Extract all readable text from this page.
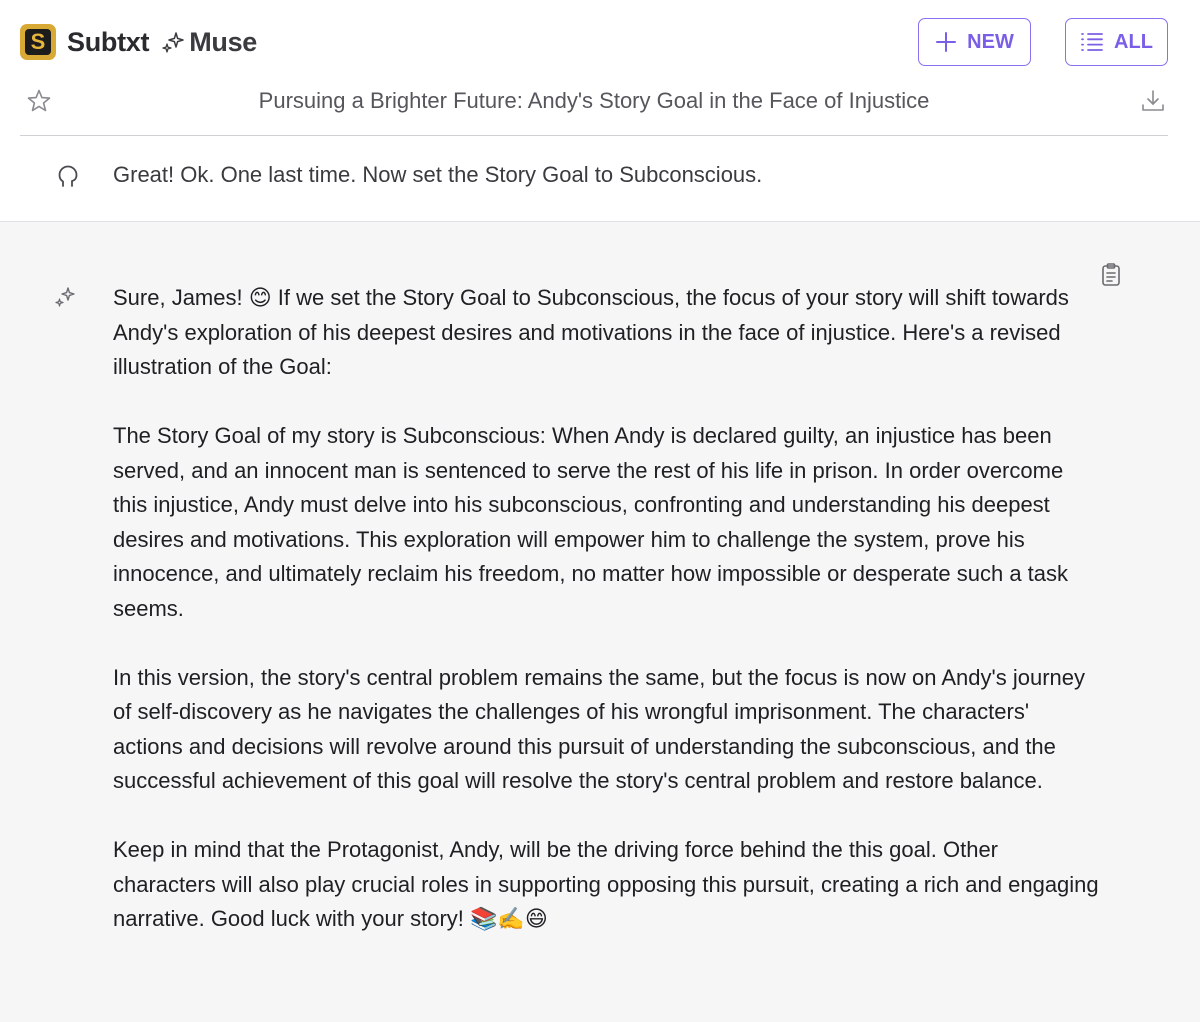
S Subtxt Muse	NEW	ALL
Pursuing a Brighter Future: Andy's Story Goal in the Face of Injustice
Great! Ok. One last time. Now set the Story Goal to Subconscious.

Sure, James! 😊 If we set the Story Goal to Subconscious, the focus of your story will shift towards Andy's exploration of his deepest desires and motivations in the face of injustice. Here's a revised illustration of the Goal:

The Story Goal of my story is Subconscious: When Andy is declared guilty, an injustice has been served, and an innocent man is sentenced to serve the rest of his life in prison. In order overcome this injustice, Andy must delve into his subconscious, confronting and understanding his deepest desires and motivations. This exploration will empower him to challenge the system, prove his innocence, and ultimately reclaim his freedom, no matter how impossible or desperate such a task seems.

In this version, the story's central problem remains the same, but the focus is now on Andy's journey of self-discovery as he navigates the challenges of his wrongful imprisonment. The characters' actions and decisions will revolve around this pursuit of understanding the subconscious, and the successful achievement of this goal will resolve the story's central problem and restore balance.

Keep in mind that the Protagonist, Andy, will be the driving force behind the this goal. Other characters will also play crucial roles in supporting opposing this pursuit, creating a rich and engaging narrative. Good luck with your story! 📚✍️😄
